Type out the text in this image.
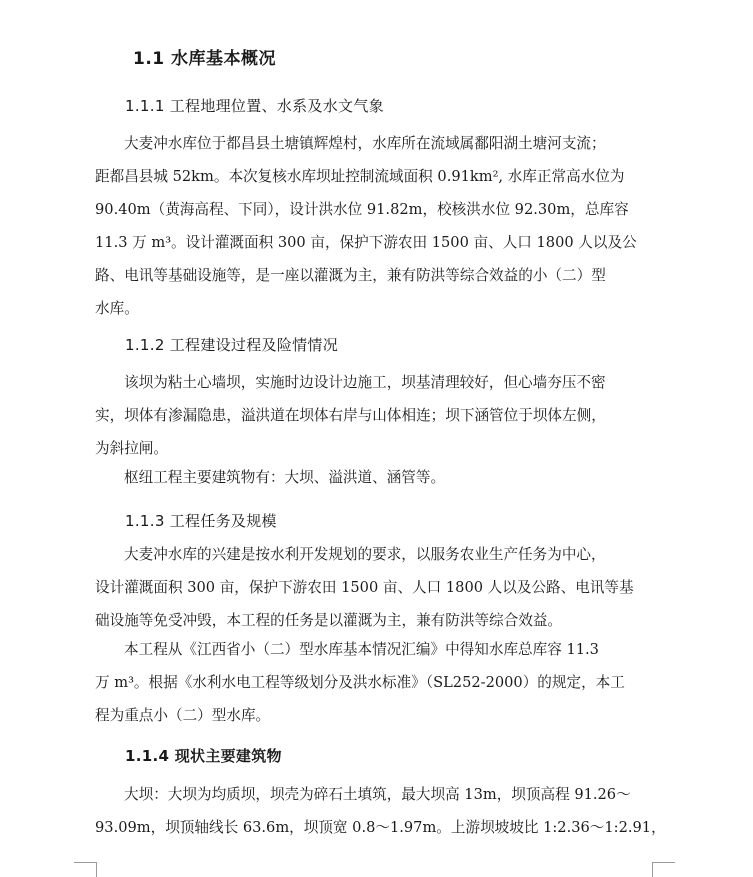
1.1 水库基本概况
1.1.1 工程地理位置、水系及水文气象
大麦冲水库位于都昌县土塘镇辉煌村，水库所在流域属鄱阳湖土塘河支流；
距都昌县城 52km。本次复核水库坝址控制流域面积 0.91km², 水库正常高水位为
90.40m（黄海高程、下同），设计洪水位 91.82m，校核洪水位 92.30m，总库容
11.3 万 m³。设计灌溉面积 300 亩，保护下游农田 1500 亩、人口 1800 人以及公
路、电讯等基础设施等，是一座以灌溉为主，兼有防洪等综合效益的小（二）型
水库。
1.1.2 工程建设过程及险情情况
该坝为粘土心墙坝，实施时边设计边施工，坝基清理较好，但心墙夯压不密
实，坝体有渗漏隐患，溢洪道在坝体右岸与山体相连；坝下涵管位于坝体左侧，
为斜拉闸。
枢纽工程主要建筑物有：大坝、溢洪道、涵管等。
1.1.3 工程任务及规模
大麦冲水库的兴建是按水利开发规划的要求，以服务农业生产任务为中心，
设计灌溉面积 300 亩，保护下游农田 1500 亩、人口 1800 人以及公路、电讯等基
础设施等免受冲毁，本工程的任务是以灌溉为主，兼有防洪等综合效益。
本工程从《江西省小（二）型水库基本情况汇编》中得知水库总库容 11.3
万 m³。根据《水利水电工程等级划分及洪水标准》（SL252-2000）的规定，本工
程为重点小（二）型水库。
1.1.4 现状主要建筑物
大坝：大坝为均质坝，坝壳为碎石土填筑，最大坝高 13m，坝顶高程 91.26～
93.09m，坝顶轴线长 63.6m，坝顶宽 0.8～1.97m。上游坝坡坡比 1:2.36～1:2.91，
